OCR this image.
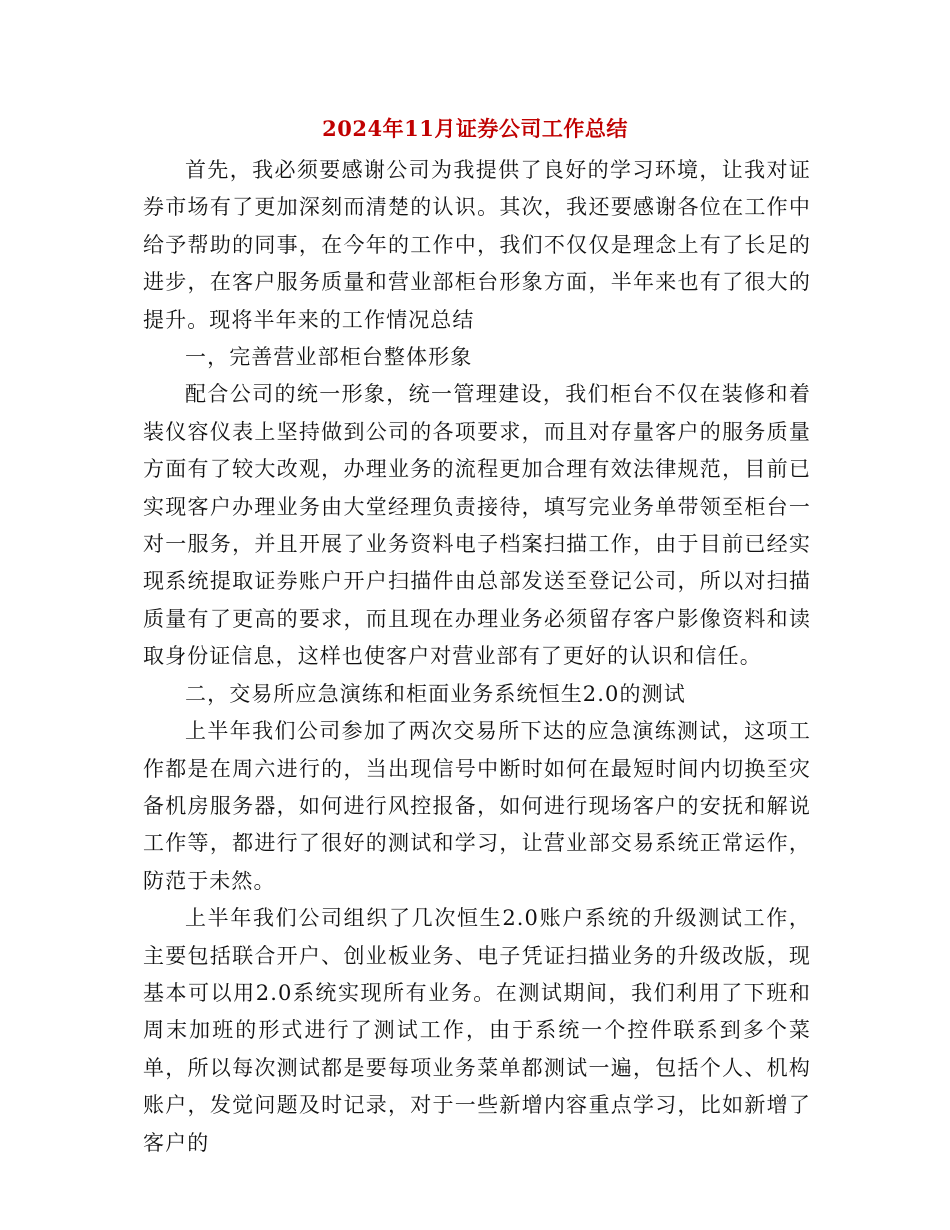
2024年11月证券公司工作总结

首先，我必须要感谢公司为我提供了良好的学习环境，让我对证券市场有了更加深刻而清楚的认识。其次，我还要感谢各位在工作中给予帮助的同事，在今年的工作中，我们不仅仅是理念上有了长足的进步，在客户服务质量和营业部柜台形象方面，半年来也有了很大的提升。现将半年来的工作情况总结

一，完善营业部柜台整体形象

配合公司的统一形象，统一管理建设，我们柜台不仅在装修和着装仪容仪表上坚持做到公司的各项要求，而且对存量客户的服务质量方面有了较大改观，办理业务的流程更加合理有效法律规范，目前已实现客户办理业务由大堂经理负责接待，填写完业务单带领至柜台一对一服务，并且开展了业务资料电子档案扫描工作，由于目前已经实现系统提取证券账户开户扫描件由总部发送至登记公司，所以对扫描质量有了更高的要求，而且现在办理业务必须留存客户影像资料和读取身份证信息，这样也使客户对营业部有了更好的认识和信任。

二，交易所应急演练和柜面业务系统恒生2.0的测试

上半年我们公司参加了两次交易所下达的应急演练测试，这项工作都是在周六进行的，当出现信号中断时如何在最短时间内切换至灾备机房服务器，如何进行风控报备，如何进行现场客户的安抚和解说工作等，都进行了很好的测试和学习，让营业部交易系统正常运作，防范于未然。

上半年我们公司组织了几次恒生2.0账户系统的升级测试工作，主要包括联合开户、创业板业务、电子凭证扫描业务的升级改版，现基本可以用2.0系统实现所有业务。在测试期间，我们利用了下班和周末加班的形式进行了测试工作，由于系统一个控件联系到多个菜单，所以每次测试都是要每项业务菜单都测试一遍，包括个人、机构账户，发觉问题及时记录，对于一些新增内容重点学习，比如新增了客户的
